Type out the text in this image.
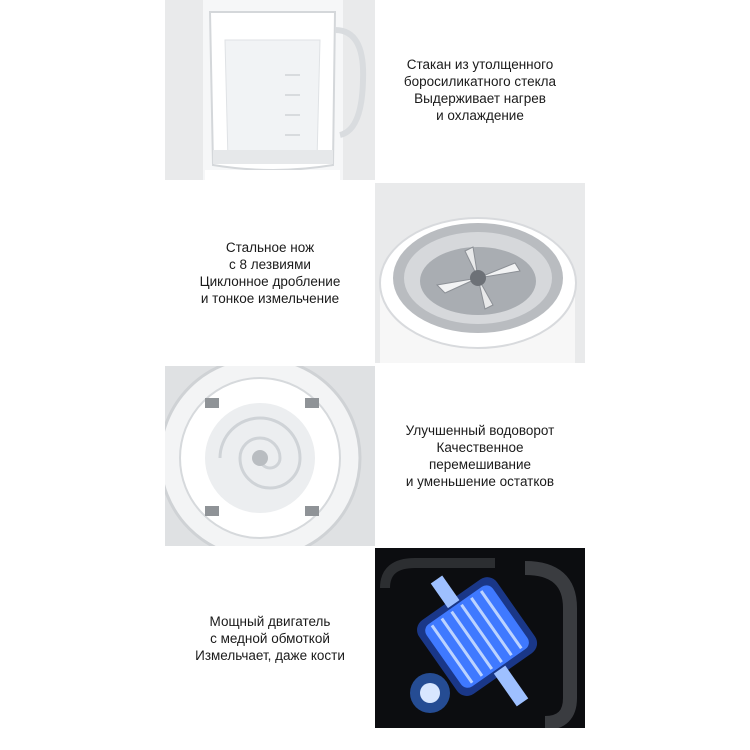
Стакан из утолщенного
боросиликатного стекла
Выдерживает нагрев
и охлаждение
Стальное нож
с 8 лезвиями
Циклонное дробление
и тонкое измельчение
Улучшенный водоворот
Качественное
перемешивание
и уменьшение остатков
Мощный двигатель
с медной обмоткой
Измельчает, даже кости
